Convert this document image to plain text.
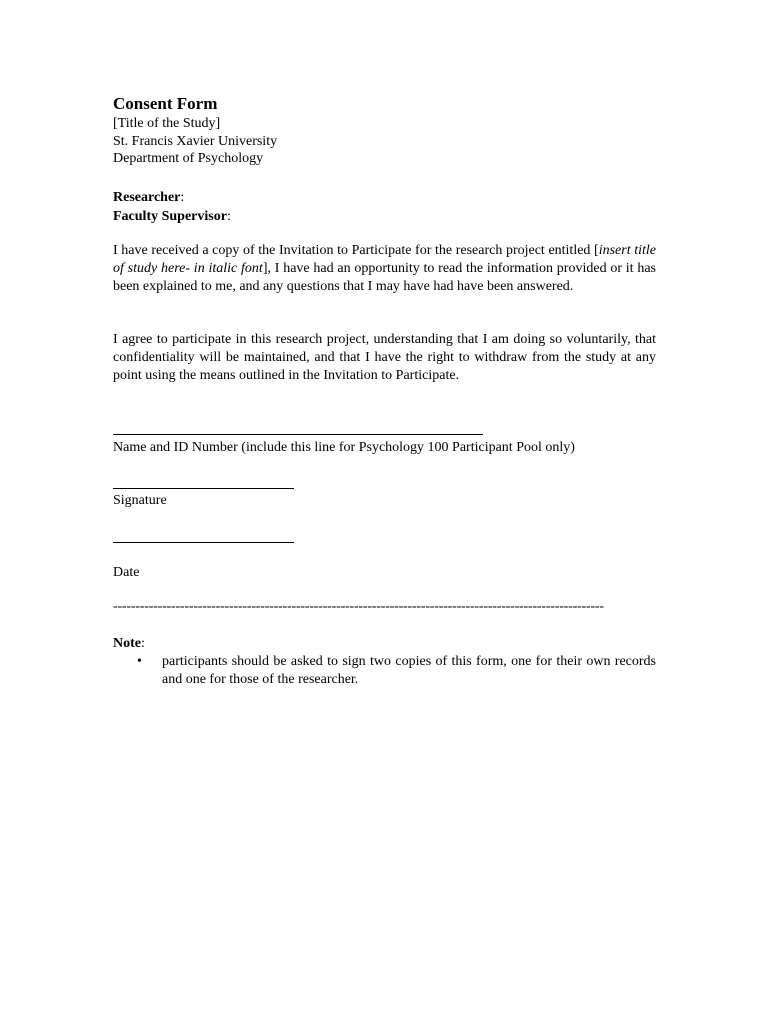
Consent Form
[Title of the Study]
St. Francis Xavier University
Department of Psychology
Researcher:
Faculty Supervisor:
I have received a copy of the Invitation to Participate for the research project entitled [insert title of study here- in italic font], I have had an opportunity to read the information provided or it has been explained to me, and any questions that I may have had have been answered.
I agree to participate in this research project, understanding that I am doing so voluntarily, that confidentiality will be maintained, and that I have the right to withdraw from the study at any point using the means outlined in the Invitation to Participate.
Name and ID Number (include this line for Psychology 100 Participant Pool only)
Signature
Date
--------------------------------------------------------------------------------------------------------------
Note:
• participants should be asked to sign two copies of this form, one for their own records and one for those of the researcher.
